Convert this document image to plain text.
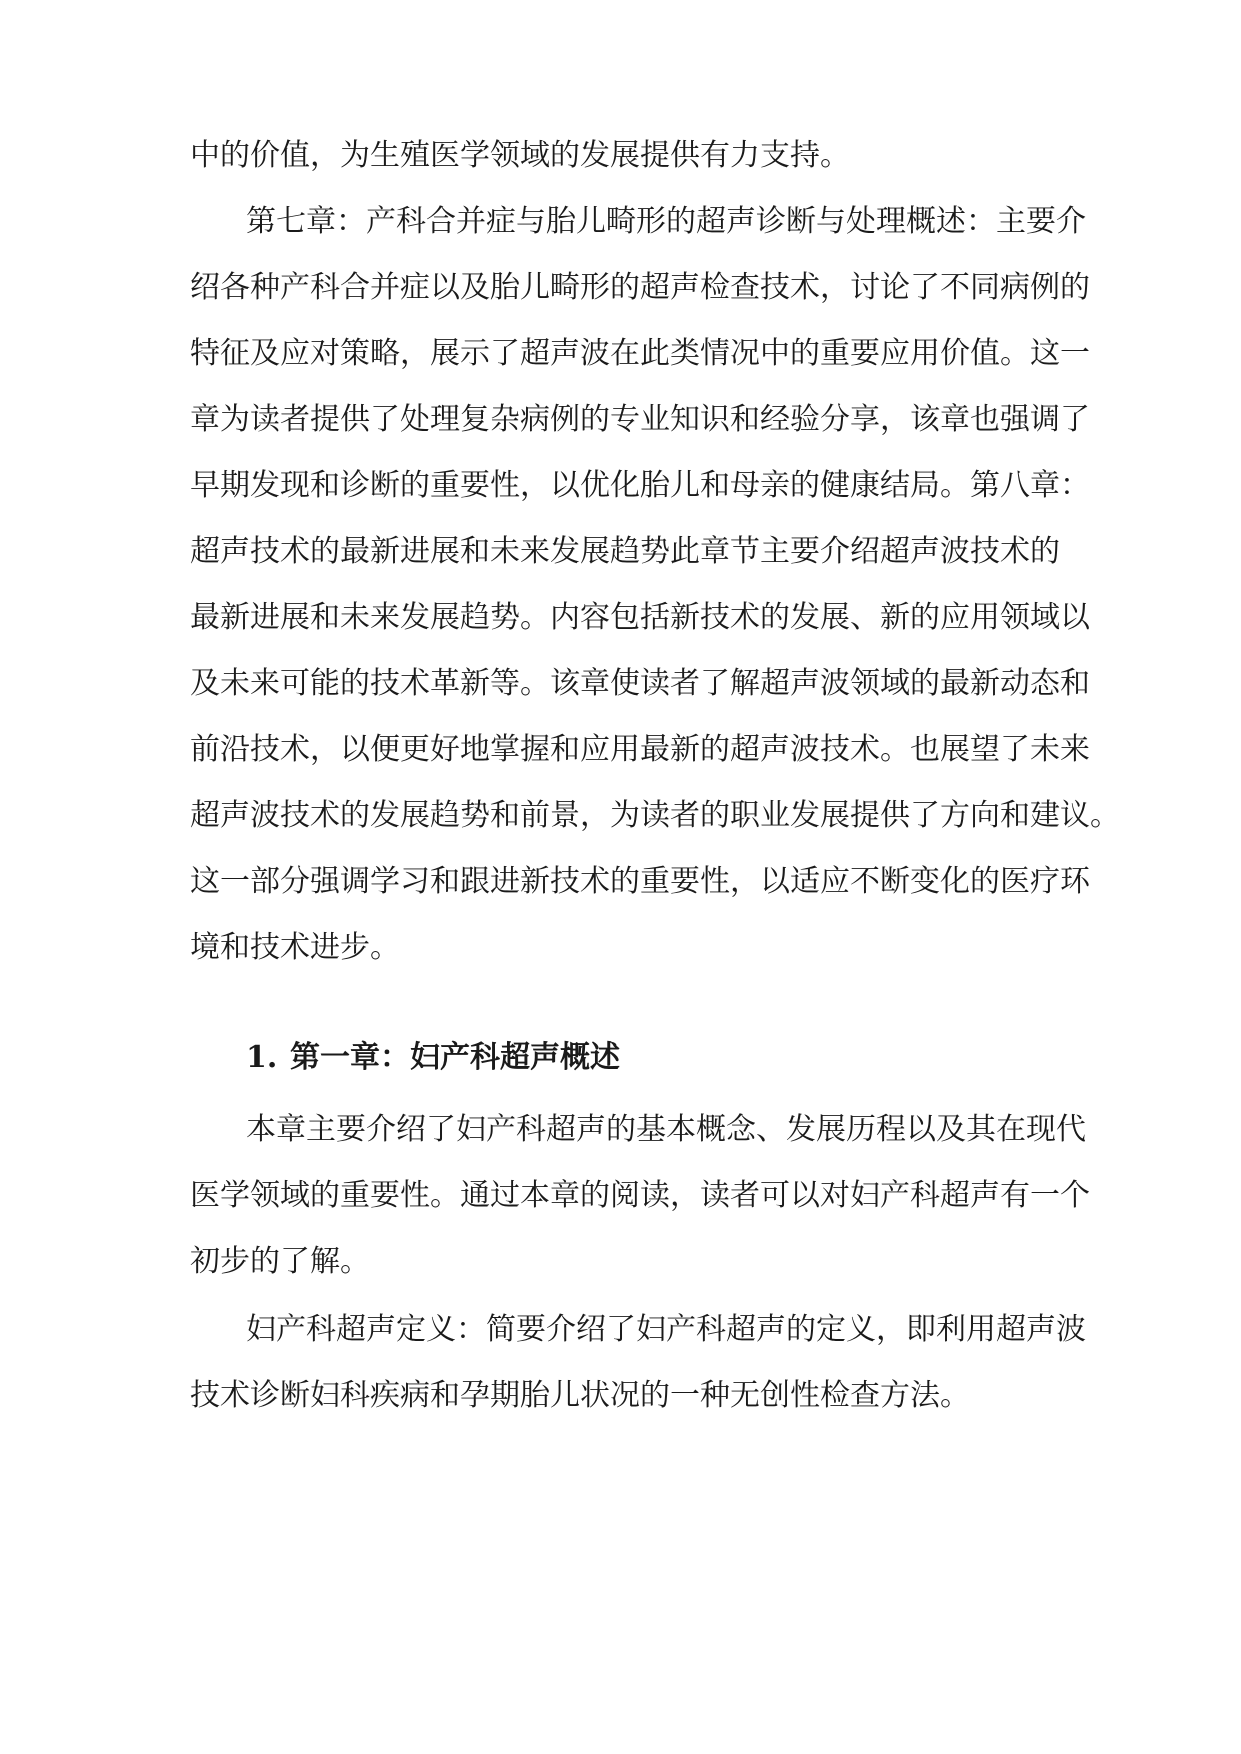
中的价值，为生殖医学领域的发展提供有力支持。
第七章：产科合并症与胎儿畸形的超声诊断与处理概述：主要介
绍各种产科合并症以及胎儿畸形的超声检查技术，讨论了不同病例的
特征及应对策略，展示了超声波在此类情况中的重要应用价值。这一
章为读者提供了处理复杂病例的专业知识和经验分享，该章也强调了
早期发现和诊断的重要性，以优化胎儿和母亲的健康结局。第八章：
超声技术的最新进展和未来发展趋势此章节主要介绍超声波技术的
最新进展和未来发展趋势。内容包括新技术的发展、新的应用领域以
及未来可能的技术革新等。该章使读者了解超声波领域的最新动态和
前沿技术，以便更好地掌握和应用最新的超声波技术。也展望了未来
超声波技术的发展趋势和前景，为读者的职业发展提供了方向和建议。
这一部分强调学习和跟进新技术的重要性，以适应不断变化的医疗环
境和技术进步。
1. 第一章：妇产科超声概述
本章主要介绍了妇产科超声的基本概念、发展历程以及其在现代
医学领域的重要性。通过本章的阅读，读者可以对妇产科超声有一个
初步的了解。
妇产科超声定义：简要介绍了妇产科超声的定义，即利用超声波
技术诊断妇科疾病和孕期胎儿状况的一种无创性检查方法。
